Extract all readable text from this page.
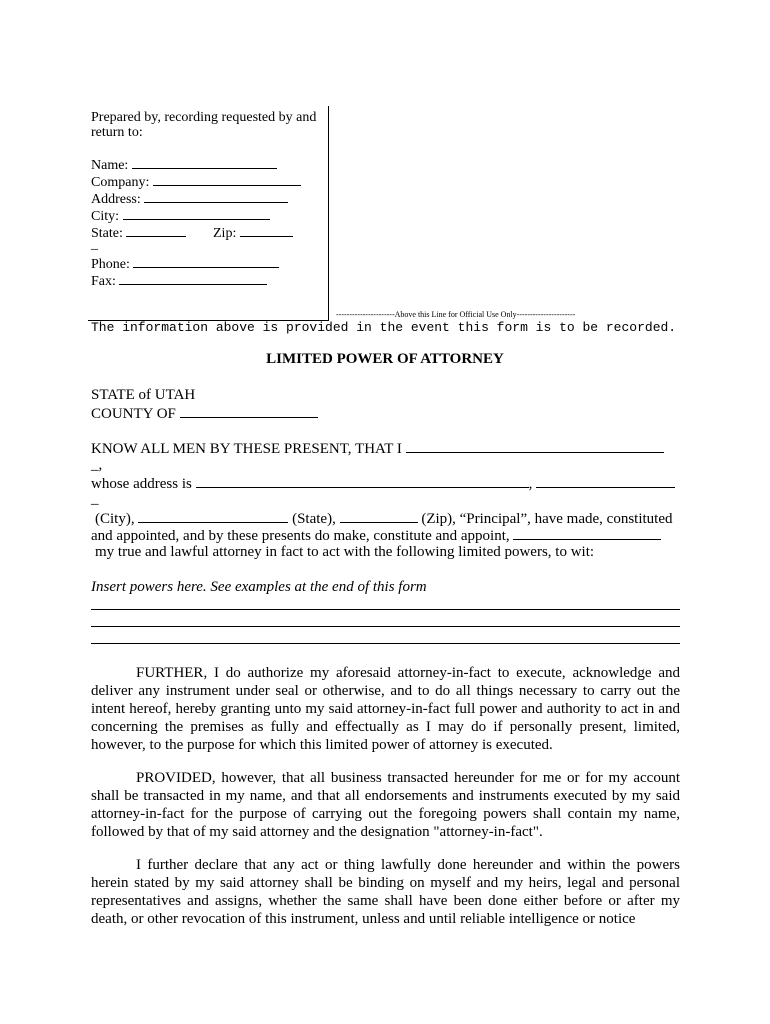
Prepared by, recording requested by and
return to:
Name:
Company:
Address:
City:
State:	Zip:
_
Phone:
Fax:
----------------------Above this Line for Official Use Only----------------------
The information above is provided in the event this form is to be recorded.
LIMITED POWER OF ATTORNEY
STATE of UTAH
COUNTY OF
KNOW ALL MEN BY THESE PRESENT, THAT I
_,
whose address is	,
_
(City),	(State),	(Zip), “Principal”, have made, constituted
and appointed, and by these presents do make, constitute and appoint,
my true and lawful attorney in fact to act with the following limited powers, to wit:
Insert powers here. See examples at the end of this form
FURTHER, I do authorize my aforesaid attorney-in-fact to execute, acknowledge and deliver any instrument under seal or otherwise, and to do all things necessary to carry out the intent hereof, hereby granting unto my said attorney-in-fact full power and authority to act in and concerning the premises as fully and effectually as I may do if personally present, limited, however, to the purpose for which this limited power of attorney is executed.
PROVIDED, however, that all business transacted hereunder for me or for my account shall be transacted in my name, and that all endorsements and instruments executed by my said attorney-in-fact for the purpose of carrying out the foregoing powers shall contain my name, followed by that of my said attorney and the designation "attorney-in-fact".
I further declare that any act or thing lawfully done hereunder and within the powers herein stated by my said attorney shall be binding on myself and my heirs, legal and personal representatives and assigns, whether the same shall have been done either before or after my death, or other revocation of this instrument, unless and until reliable intelligence or notice
